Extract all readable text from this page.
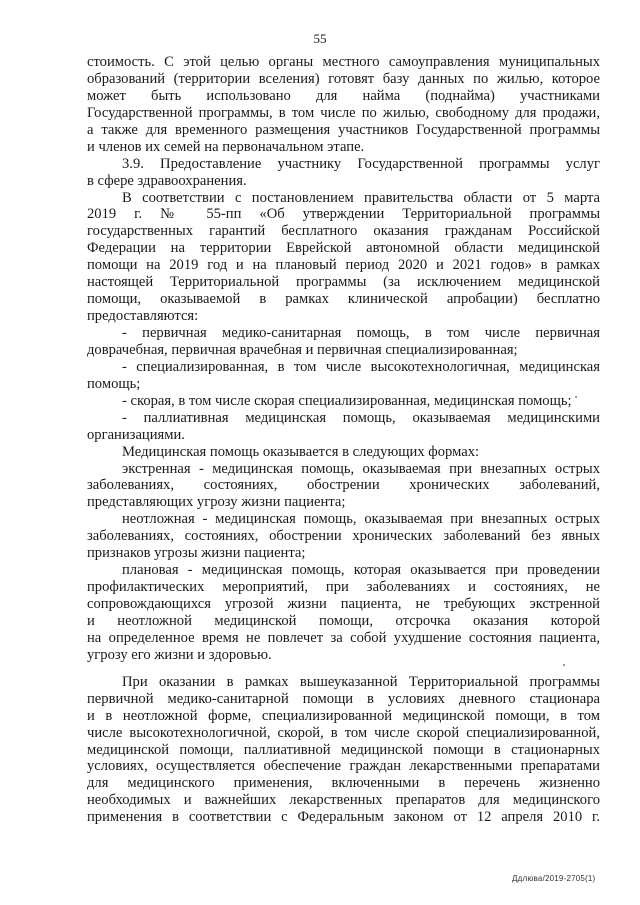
55
стоимость. С этой целью органы местного самоуправления муниципальных
образований (территории вселения) готовят базу данных по жилью, которое
может быть использовано для найма (поднайма) участниками
Государственной программы, в том числе по жилью, свободному для продажи,
а также для временного размещения участников Государственной программы
и членов их семей на первоначальном этапе.
3.9. Предоставление участнику Государственной программы услуг
в сфере здравоохранения.
В соответствии с постановлением правительства области от 5 марта
2019 г. № 55-пп «Об утверждении Территориальной программы
государственных гарантий бесплатного оказания гражданам Российской
Федерации на территории Еврейской автономной области медицинской
помощи на 2019 год и на плановый период 2020 и 2021 годов» в рамках
настоящей Территориальной программы (за исключением медицинской
помощи, оказываемой в рамках клинической апробации) бесплатно
предоставляются:
- первичная медико-санитарная помощь, в том числе первичная
доврачебная, первичная врачебная и первичная специализированная;
- специализированная, в том числе высокотехнологичная, медицинская
помощь;
- скорая, в том числе скорая специализированная, медицинская помощь;
- паллиативная медицинская помощь, оказываемая медицинскими
организациями.
Медицинская помощь оказывается в следующих формах:
экстренная - медицинская помощь, оказываемая при внезапных острых
заболеваниях, состояниях, обострении хронических заболеваний,
представляющих угрозу жизни пациента;
неотложная - медицинская помощь, оказываемая при внезапных острых
заболеваниях, состояниях, обострении хронических заболеваний без явных
признаков угрозы жизни пациента;
плановая - медицинская помощь, которая оказывается при проведении
профилактических мероприятий, при заболеваниях и состояниях, не
сопровождающихся угрозой жизни пациента, не требующих экстренной
и неотложной медицинской помощи, отсрочка оказания которой
на определенное время не повлечет за собой ухудшение состояния пациента,
угрозу его жизни и здоровью.
При оказании в рамках вышеуказанной Территориальной программы
первичной медико-санитарной помощи в условиях дневного стационара
и в неотложной форме, специализированной медицинской помощи, в том
числе высокотехнологичной, скорой, в том числе скорой специализированной,
медицинской помощи, паллиативной медицинской помощи в стационарных
условиях, осуществляется обеспечение граждан лекарственными препаратами
для медицинского применения, включенными в перечень жизненно
необходимых и важнейших лекарственных препаратов для медицинского
применения в соответствии с Федеральным законом от 12 апреля 2010 г.
Ддлюва/2019-2705(1)
